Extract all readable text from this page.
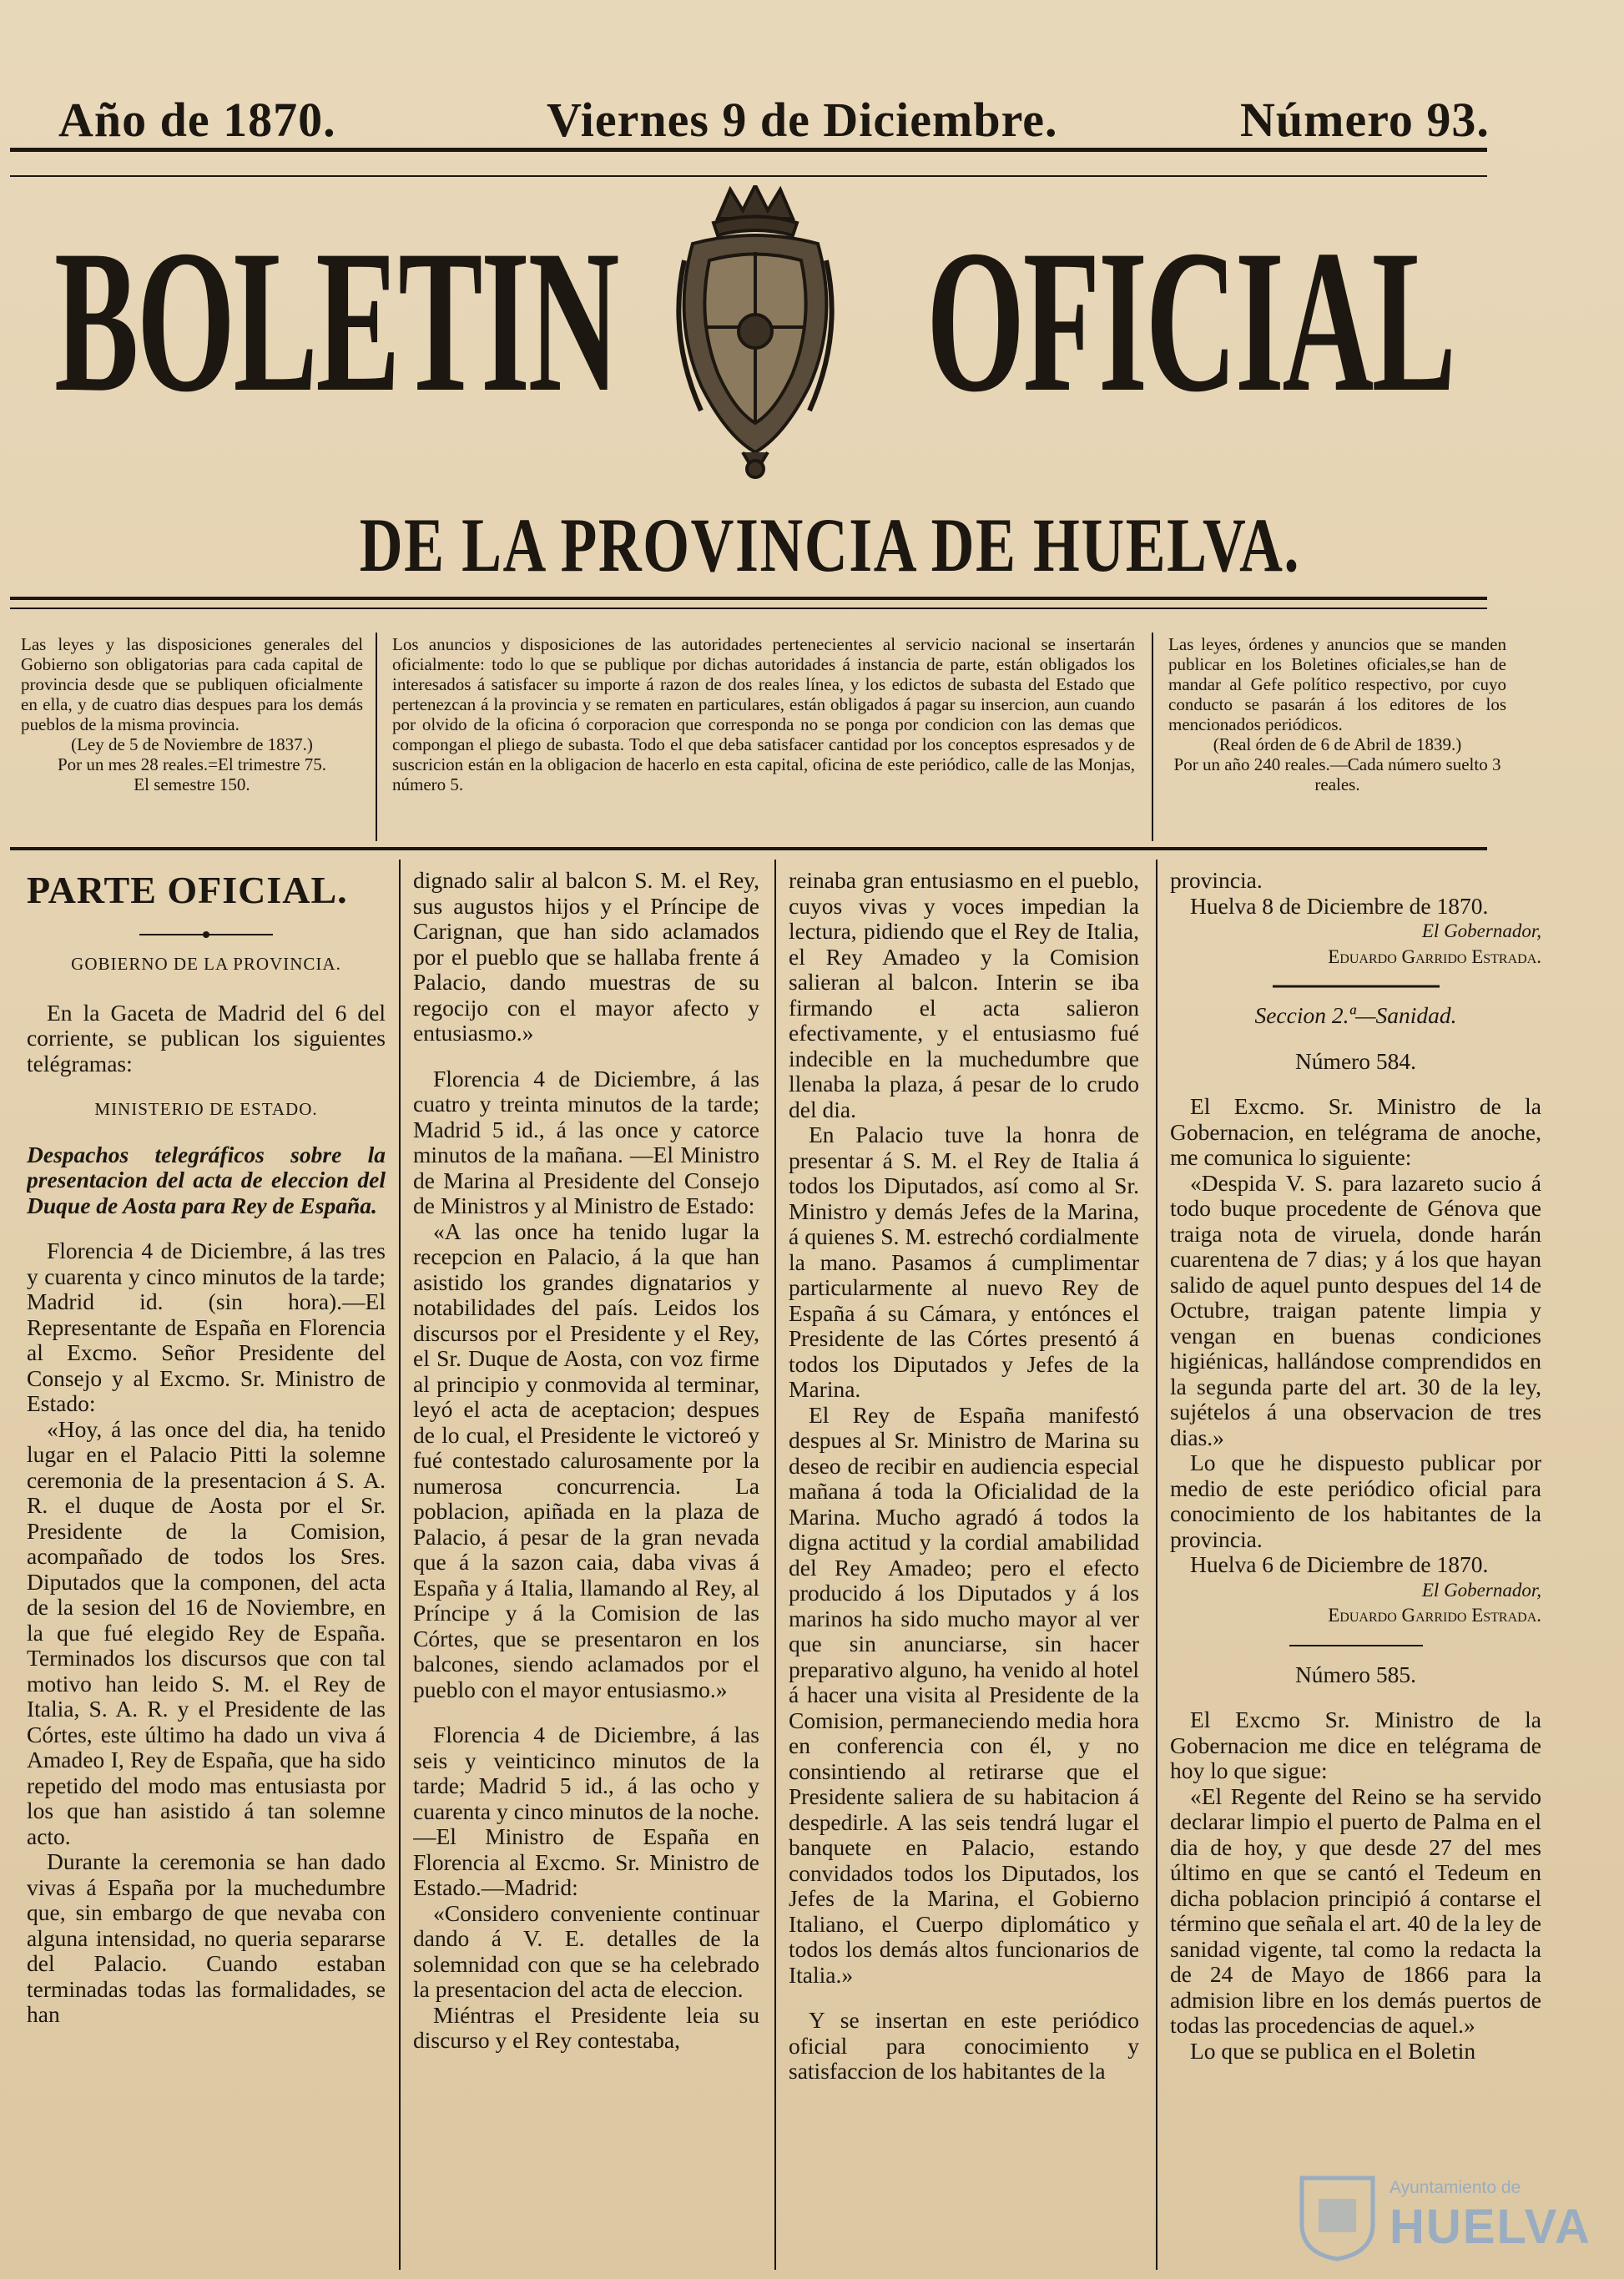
Año de 1870.	Viernes 9 de Diciembre.	Número 93.
BOLETIN OFICIAL
DE LA PROVINCIA DE HUELVA.

Las leyes y las disposiciones generales del Gobierno son obligatorias para cada capital de provincia desde que se publiquen oficialmente en ella, y de cuatro dias despues para los demás pueblos de la misma provincia.

(Ley de 5 de Noviembre de 1837.)

Por un mes 28 reales.=El trimestre 75.

El semestre 150.

Los anuncios y disposiciones de las autoridades pertenecientes al servicio nacional se insertarán oficialmente: todo lo que se publique por dichas autoridades á instancia de parte, están obligados los interesados á satisfacer su importe á razon de dos reales línea, y los edictos de subasta del Estado que pertenezcan á la provincia y se rematen en particulares, están obligados á pagar su insercion, aun cuando por olvido de la oficina ó corporacion que corresponda no se ponga por condicion con las demas que compongan el pliego de subasta. Todo el que deba satisfacer cantidad por los conceptos espresados y de suscricion están en la obligacion de hacerlo en esta capital, oficina de este periódico, calle de las Monjas, número 5.

Las leyes, órdenes y anuncios que se manden publicar en los Boletines oficiales,se han de mandar al Gefe político respectivo, por cuyo conducto se pasarán á los editores de los mencionados periódicos.

(Real órden de 6 de Abril de 1839.)

Por un año 240 reales.—Cada número suelto 3 reales.

PARTE OFICIAL.

GOBIERNO DE LA PROVINCIA.

En la Gaceta de Madrid del 6 del corriente, se publican los siguientes telégramas:

MINISTERIO DE ESTADO.

Despachos telegráficos sobre la presentacion del acta de eleccion del Duque de Aosta para Rey de España.

Florencia 4 de Diciembre, á las tres y cuarenta y cinco minutos de la tarde; Madrid id. (sin hora).—El Representante de España en Florencia al Excmo. Señor Presidente del Consejo y al Excmo. Sr. Ministro de Estado:

«Hoy, á las once del dia, ha tenido lugar en el Palacio Pitti la solemne ceremonia de la presentacion á S. A. R. el duque de Aosta por el Sr. Presidente de la Comision, acompañado de todos los Sres. Diputados que la componen, del acta de la sesion del 16 de Noviembre, en la que fué elegido Rey de España. Terminados los discursos que con tal motivo han leido S. M. el Rey de Italia, S. A. R. y el Presidente de las Córtes, este último ha dado un viva á Amadeo I, Rey de España, que ha sido repetido del modo mas entusiasta por los que han asistido á tan solemne acto.

Durante la ceremonia se han dado vivas á España por la muchedumbre que, sin embargo de que nevaba con alguna intensidad, no queria separarse del Palacio. Cuando estaban terminadas todas las formalidades, se han

dignado salir al balcon S. M. el Rey, sus augustos hijos y el Príncipe de Carignan, que han sido aclamados por el pueblo que se hallaba frente á Palacio, dando muestras de su regocijo con el mayor afecto y entusiasmo.»

Florencia 4 de Diciembre, á las cuatro y treinta minutos de la tarde; Madrid 5 id., á las once y catorce minutos de la mañana. —El Ministro de Marina al Presidente del Consejo de Ministros y al Ministro de Estado:

«A las once ha tenido lugar la recepcion en Palacio, á la que han asistido los grandes dignatarios y notabilidades del país. Leidos los discursos por el Presidente y el Rey, el Sr. Duque de Aosta, con voz firme al principio y conmovida al terminar, leyó el acta de aceptacion; despues de lo cual, el Presidente le victoreó y fué contestado calurosamente por la numerosa concurrencia. La poblacion, apiñada en la plaza de Palacio, á pesar de la gran nevada que á la sazon caia, daba vivas á España y á Italia, llamando al Rey, al Príncipe y á la Comision de las Córtes, que se presentaron en los balcones, siendo aclamados por el pueblo con el mayor entusiasmo.»

Florencia 4 de Diciembre, á las seis y veinticinco minutos de la tarde; Madrid 5 id., á las ocho y cuarenta y cinco minutos de la noche.—El Ministro de España en Florencia al Excmo. Sr. Ministro de Estado.—Madrid:

«Considero conveniente continuar dando á V. E. detalles de la solemnidad con que se ha celebrado la presentacion del acta de eleccion.

Miéntras el Presidente leia su discurso y el Rey contestaba,

reinaba gran entusiasmo en el pueblo, cuyos vivas y voces impedian la lectura, pidiendo que el Rey de Italia, el Rey Amadeo y la Comision salieran al balcon. Interin se iba firmando el acta salieron efectivamente, y el entusiasmo fué indecible en la muchedumbre que llenaba la plaza, á pesar de lo crudo del dia.

En Palacio tuve la honra de presentar á S. M. el Rey de Italia á todos los Diputados, así como al Sr. Ministro y demás Jefes de la Marina, á quienes S. M. estrechó cordialmente la mano. Pasamos á cumplimentar particularmente al nuevo Rey de España á su Cámara, y entónces el Presidente de las Córtes presentó á todos los Diputados y Jefes de la Marina.

El Rey de España manifestó despues al Sr. Ministro de Marina su deseo de recibir en audiencia especial mañana á toda la Oficialidad de la Marina. Mucho agradó á todos la digna actitud y la cordial amabilidad del Rey Amadeo; pero el efecto producido á los Diputados y á los marinos ha sido mucho mayor al ver que sin anunciarse, sin hacer preparativo alguno, ha venido al hotel á hacer una visita al Presidente de la Comision, permaneciendo media hora en conferencia con él, y no consintiendo al retirarse que el Presidente saliera de su habitacion á despedirle. A las seis tendrá lugar el banquete en Palacio, estando convidados todos los Diputados, los Jefes de la Marina, el Gobierno Italiano, el Cuerpo diplomático y todos los demás altos funcionarios de Italia.»

Y se insertan en este periódico oficial para conocimiento y satisfaccion de los habitantes de la

provincia.

Huelva 8 de Diciembre de 1870.

El Gobernador,

Eduardo Garrido Estrada.

Seccion 2.ª—Sanidad.

Número 584.

El Excmo. Sr. Ministro de la Gobernacion, en telégrama de anoche, me comunica lo siguiente:

«Despida V. S. para lazareto sucio á todo buque procedente de Génova que traiga nota de viruela, donde harán cuarentena de 7 dias; y á los que hayan salido de aquel punto despues del 14 de Octubre, traigan patente limpia y vengan en buenas condiciones higiénicas, hallándose comprendidos en la segunda parte del art. 30 de la ley, sujételos á una observacion de tres dias.»

Lo que he dispuesto publicar por medio de este periódico oficial para conocimiento de los habitantes de la provincia.

Huelva 6 de Diciembre de 1870.

El Gobernador,

Eduardo Garrido Estrada.

Número 585.

El Excmo Sr. Ministro de la Gobernacion me dice en telégrama de hoy lo que sigue:

«El Regente del Reino se ha servido declarar limpio el puerto de Palma en el dia de hoy, y que desde 27 del mes último en que se cantó el Tedeum en dicha poblacion principió á contarse el término que señala el art. 40 de la ley de sanidad vigente, tal como la redacta la de 24 de Mayo de 1866 para la admision libre en los demás puertos de todas las procedencias de aquel.»

Lo que se publica en el Boletin

Ayuntamiento de
HUELVA
